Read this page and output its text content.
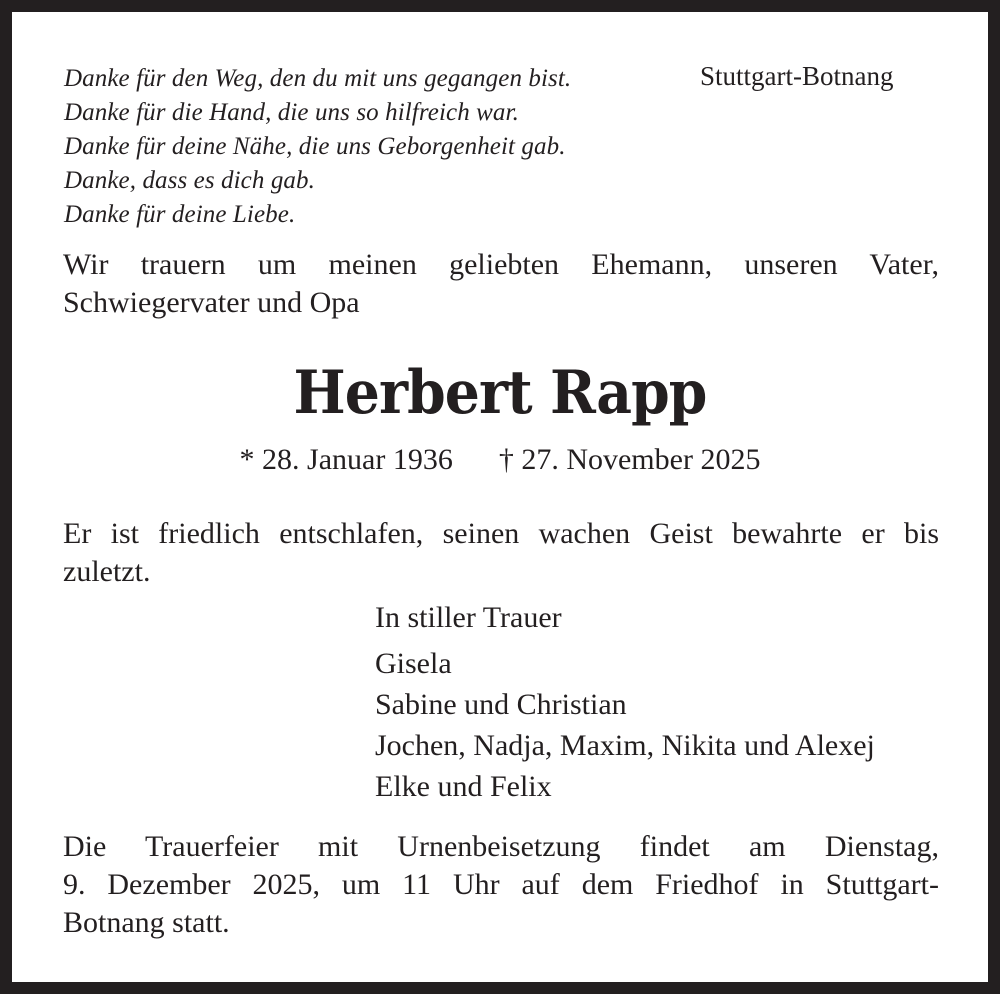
Danke für den Weg, den du mit uns gegangen bist.
Danke für die Hand, die uns so hilfreich war.
Danke für deine Nähe, die uns Geborgenheit gab.
Danke, dass es dich gab.
Danke für deine Liebe.
Stuttgart-Botnang
Wir trauern um meinen geliebten Ehemann, unseren Vater,
Schwiegervater und Opa
Herbert Rapp
* 28. Januar 1936 † 27. November 2025
Er ist friedlich entschlafen, seinen wachen Geist bewahrte er bis
zuletzt.
In stiller Trauer
Gisela
Sabine und Christian
Jochen, Nadja, Maxim, Nikita und Alexej
Elke und Felix
Die Trauerfeier mit Urnenbeisetzung findet am Dienstag,
9. Dezember 2025, um 11 Uhr auf dem Friedhof in Stuttgart-
Botnang statt.
